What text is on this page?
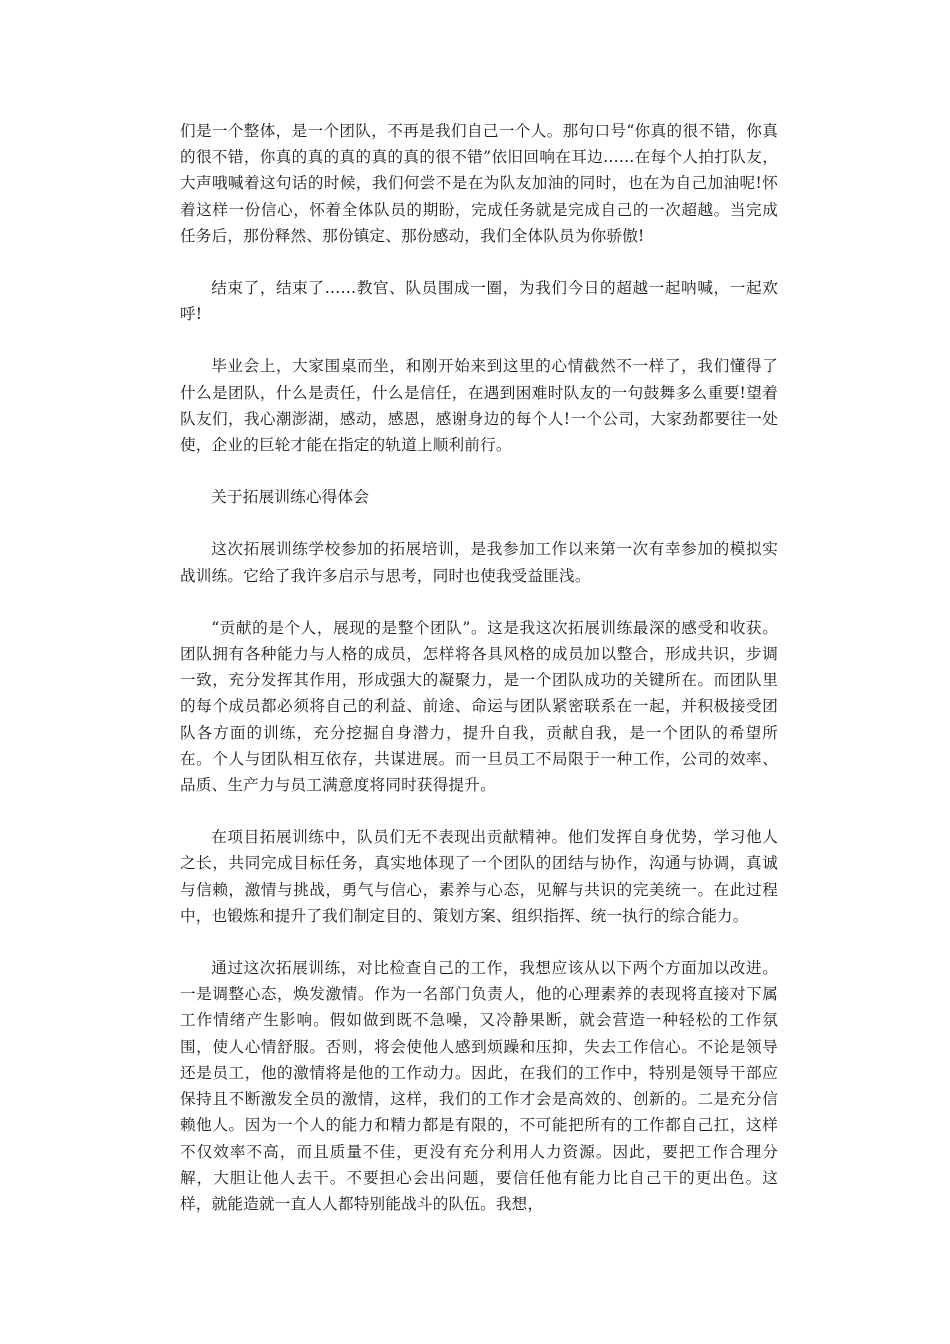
们是一个整体，是一个团队，不再是我们自己一个人。那句口号“你真的很不错，你真的很不错，你真的真的真的真的真的很不错”依旧回响在耳边…...在每个人拍打队友，大声哦喊着这句话的时候，我们何尝不是在为队友加油的同时，也在为自己加油呢!怀着这样一份信心，怀着全体队员的期盼，完成任务就是完成自己的一次超越。当完成任务后，那份释然、那份镇定、那份感动，我们全体队员为你骄傲!

结束了，结束了……教官、队员围成一圈，为我们今日的超越一起呐喊，一起欢呼!

毕业会上，大家围桌而坐，和刚开始来到这里的心情截然不一样了，我们懂得了什么是团队，什么是责任，什么是信任，在遇到困难时队友的一句鼓舞多么重要!望着队友们，我心潮澎湖，感动，感恩，感谢身边的每个人!一个公司，大家劲都要往一处使，企业的巨轮才能在指定的轨道上顺利前行。

关于拓展训练心得体会

这次拓展训练学校参加的拓展培训，是我参加工作以来第一次有幸参加的模拟实战训练。它给了我许多启示与思考，同时也使我受益匪浅。

“贡献的是个人，展现的是整个团队”。这是我这次拓展训练最深的感受和收获。团队拥有各种能力与人格的成员，怎样将各具风格的成员加以整合，形成共识，步调一致，充分发挥其作用，形成强大的凝聚力，是一个团队成功的关键所在。而团队里的每个成员都必须将自己的利益、前途、命运与团队紧密联系在一起，并积极接受团队各方面的训练，充分挖掘自身潜力，提升自我，贡献自我，是一个团队的希望所在。个人与团队相互依存，共谋进展。而一旦员工不局限于一种工作，公司的效率、品质、生产力与员工满意度将同时获得提升。

在项目拓展训练中，队员们无不表现出贡献精神。他们发挥自身优势，学习他人之长，共同完成目标任务，真实地体现了一个团队的团结与协作，沟通与协调，真诚与信赖，激情与挑战，勇气与信心，素养与心态，见解与共识的完美统一。在此过程中，也锻炼和提升了我们制定目的、策划方案、组织指挥、统一执行的综合能力。

通过这次拓展训练，对比检查自己的工作，我想应该从以下两个方面加以改进。一是调整心态，焕发激情。作为一名部门负责人，他的心理素养的表现将直接对下属工作情绪产生影响。假如做到既不急噪，又冷静果断，就会营造一种轻松的工作氛围，使人心情舒服。否则，将会使他人感到烦躁和压抑，失去工作信心。不论是领导还是员工，他的激情将是他的工作动力。因此，在我们的工作中，特别是领导干部应保持且不断激发全员的激情，这样，我们的工作才会是高效的、创新的。二是充分信赖他人。因为一个人的能力和精力都是有限的，不可能把所有的工作都自己扛，这样不仅效率不高，而且质量不佳，更没有充分利用人力资源。因此，要把工作合理分解，大胆让他人去干。不要担心会出问题，要信任他有能力比自己干的更出色。这样，就能造就一直人人都特别能战斗的队伍。我想，
